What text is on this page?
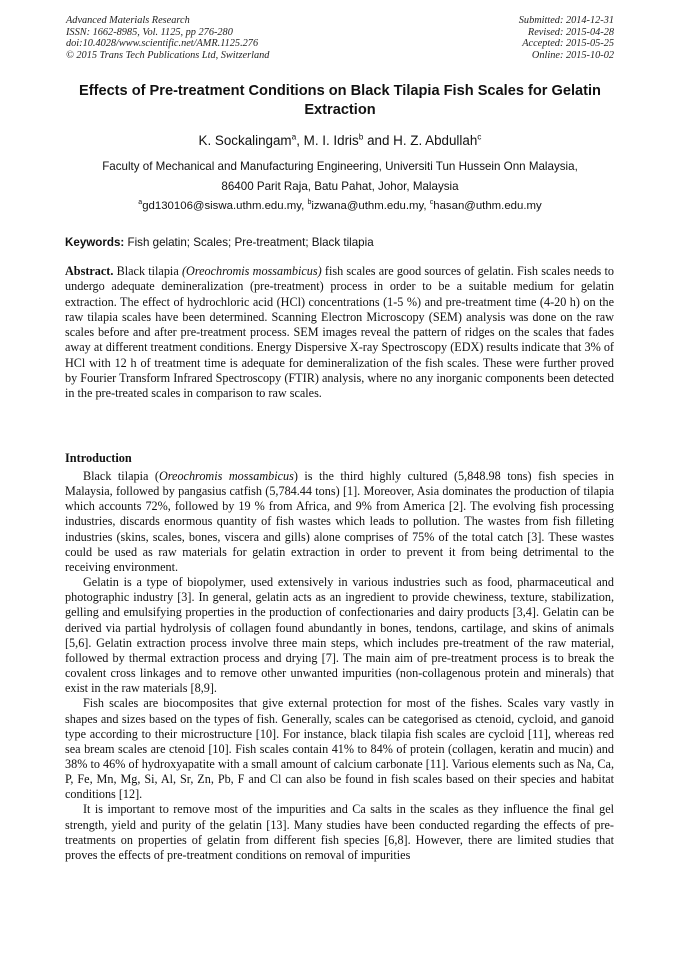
Advanced Materials Research
ISSN: 1662-8985, Vol. 1125, pp 276-280
doi:10.4028/www.scientific.net/AMR.1125.276
© 2015 Trans Tech Publications Ltd, Switzerland
Submitted: 2014-12-31
Revised: 2015-04-28
Accepted: 2015-05-25
Online: 2015-10-02
Effects of Pre-treatment Conditions on Black Tilapia Fish Scales for Gelatin Extraction
K. Sockalingam$^a$, M. I. Idris$^b$ and H. Z. Abdullah$^c$
Faculty of Mechanical and Manufacturing Engineering, Universiti Tun Hussein Onn Malaysia,
86400 Parit Raja, Batu Pahat, Johor, Malaysia
$^a$gd130106@siswa.uthm.edu.my, $^b$izwana@uthm.edu.my, $^c$hasan@uthm.edu.my
Keywords: Fish gelatin; Scales; Pre-treatment; Black tilapia
Abstract. Black tilapia (Oreochromis mossambicus) fish scales are good sources of gelatin. Fish scales needs to undergo adequate demineralization (pre-treatment) process in order to be a suitable medium for gelatin extraction. The effect of hydrochloric acid (HCl) concentrations (1-5 %) and pre-treatment time (4-20 h) on the raw tilapia scales have been determined. Scanning Electron Microscopy (SEM) analysis was done on the raw scales before and after pre-treatment process. SEM images reveal the pattern of ridges on the scales that fades away at different treatment conditions. Energy Dispersive X-ray Spectroscopy (EDX) results indicate that 3% of HCl with 12 h of treatment time is adequate for demineralization of the fish scales. These were further proved by Fourier Transform Infrared Spectroscopy (FTIR) analysis, where no any inorganic components been detected in the pre-treated scales in comparison to raw scales.
Introduction

Black tilapia (Oreochromis mossambicus) is the third highly cultured (5,848.98 tons) fish species in Malaysia, followed by pangasius catfish (5,784.44 tons) [1]. Moreover, Asia dominates the production of tilapia which accounts 72%, followed by 19 % from Africa, and 9% from America [2]. The evolving fish processing industries, discards enormous quantity of fish wastes which leads to pollution. The wastes from fish filleting industries (skins, scales, bones, viscera and gills) alone comprises of 75% of the total catch [3]. These wastes could be used as raw materials for gelatin extraction in order to prevent it from being detrimental to the receiving environment.

Gelatin is a type of biopolymer, used extensively in various industries such as food, pharmaceutical and photographic industry [3]. In general, gelatin acts as an ingredient to provide chewiness, texture, stabilization, gelling and emulsifying properties in the production of confectionaries and dairy products [3,4]. Gelatin can be derived via partial hydrolysis of collagen found abundantly in bones, tendons, cartilage, and skins of animals [5,6]. Gelatin extraction process involve three main steps, which includes pre-treatment of the raw material, followed by thermal extraction process and drying [7]. The main aim of pre-treatment process is to break the covalent cross linkages and to remove other unwanted impurities (non-collagenous protein and minerals) that exist in the raw materials [8,9].

Fish scales are biocomposites that give external protection for most of the fishes. Scales vary vastly in shapes and sizes based on the types of fish. Generally, scales can be categorised as ctenoid, cycloid, and ganoid type according to their microstructure [10]. For instance, black tilapia fish scales are cycloid [11], whereas red sea bream scales are ctenoid [10]. Fish scales contain 41% to 84% of protein (collagen, keratin and mucin) and 38% to 46% of hydroxyapatite with a small amount of calcium carbonate [11]. Various elements such as Na, Ca, P, Fe, Mn, Mg, Si, Al, Sr, Zn, Pb, F and Cl can also be found in fish scales based on their species and habitat conditions [12].

It is important to remove most of the impurities and Ca salts in the scales as they influence the final gel strength, yield and purity of the gelatin [13]. Many studies have been conducted regarding the effects of pre-treatments on properties of gelatin from different fish species [6,8]. However, there are limited studies that proves the effects of pre-treatment conditions on removal of impurities
